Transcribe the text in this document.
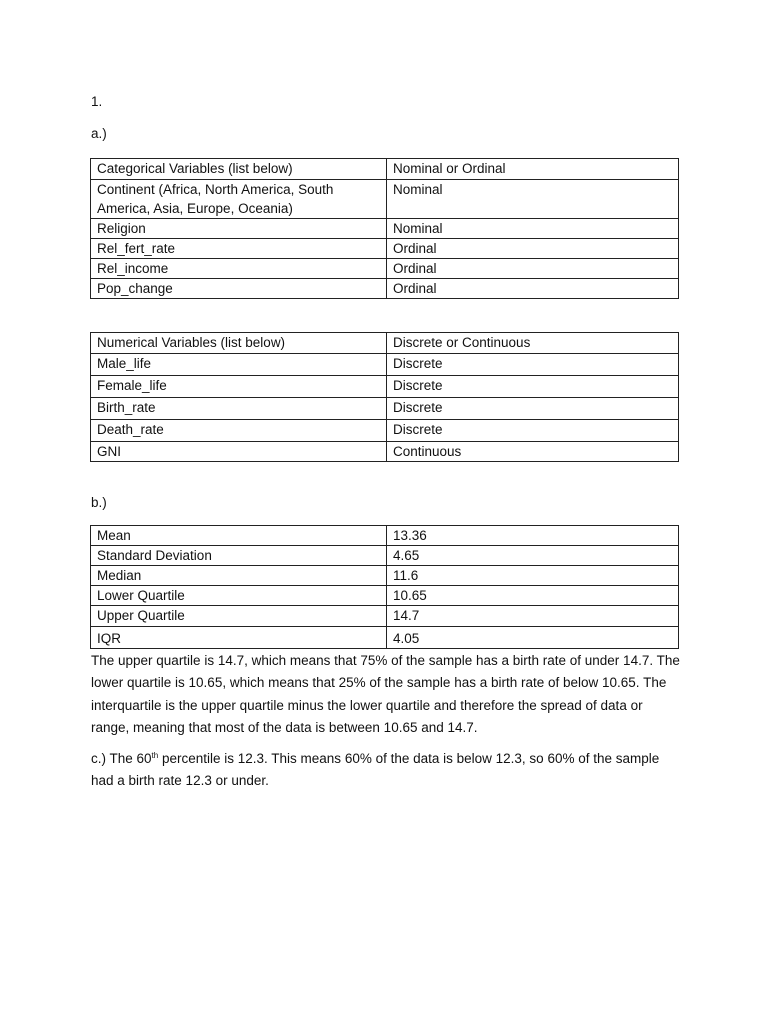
1.
a.)
Categorical Variables (list below)	Nominal or Ordinal
Continent (Africa, North America, South America, Asia, Europe, Oceania)	Nominal
Religion	Nominal
Rel_fert_rate	Ordinal
Rel_income	Ordinal
Pop_change	Ordinal
Numerical Variables (list below)	Discrete or Continuous
Male_life	Discrete
Female_life	Discrete
Birth_rate	Discrete
Death_rate	Discrete
GNI	Continuous
b.)
Mean	13.36
Standard Deviation	4.65
Median	11.6
Lower Quartile	10.65
Upper Quartile	14.7
IQR	4.05

The upper quartile is 14.7, which means that 75% of the sample has a birth rate of under 14.7. The lower quartile is 10.65, which means that 25% of the sample has a birth rate of below 10.65. The interquartile is the upper quartile minus the lower quartile and therefore the spread of data or range, meaning that most of the data is between 10.65 and 14.7.

c.) The 60th percentile is 12.3. This means 60% of the data is below 12.3, so 60% of the sample had a birth rate 12.3 or under.
